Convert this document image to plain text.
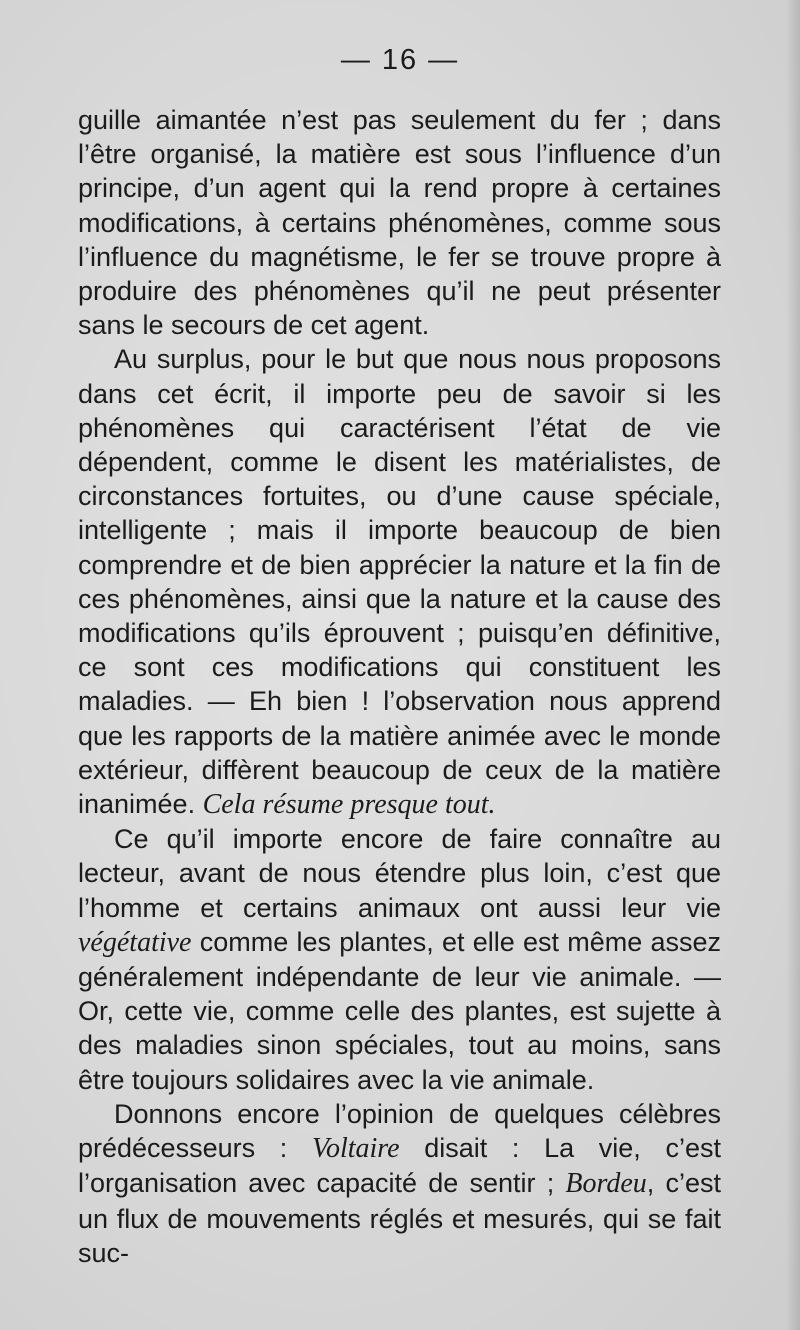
— 16 —

guille aimantée n’est pas seulement du fer ; dans l’être organisé, la matière est sous l’influence d’un principe, d’un agent qui la rend propre à certaines modifications, à certains phénomènes, comme sous l’influence du magnétisme, le fer se trouve propre à produire des phénomènes qu’il ne peut présenter sans le secours de cet agent.

Au surplus, pour le but que nous nous proposons dans cet écrit, il importe peu de savoir si les phénomènes qui caractérisent l’état de vie dépendent, comme le disent les matérialistes, de circonstances fortuites, ou d’une cause spéciale, intelligente ; mais il importe beaucoup de bien comprendre et de bien apprécier la nature et la fin de ces phénomènes, ainsi que la nature et la cause des modifications qu’ils éprouvent ; puisqu’en définitive, ce sont ces modifications qui constituent les maladies. — Eh bien ! l’observation nous apprend que les rapports de la matière animée avec le monde extérieur, diffèrent beaucoup de ceux de la matière inanimée. Cela résume presque tout.

Ce qu’il importe encore de faire connaître au lecteur, avant de nous étendre plus loin, c’est que l’homme et certains animaux ont aussi leur vie végétative comme les plantes, et elle est même assez généralement indépendante de leur vie animale. — Or, cette vie, comme celle des plantes, est sujette à des maladies sinon spéciales, tout au moins, sans être toujours solidaires avec la vie animale.

Donnons encore l’opinion de quelques célèbres prédécesseurs : Voltaire disait : La vie, c’est l’organisation avec capacité de sentir ; Bordeu, c’est un flux de mouvements réglés et mesurés, qui se fait suc-
